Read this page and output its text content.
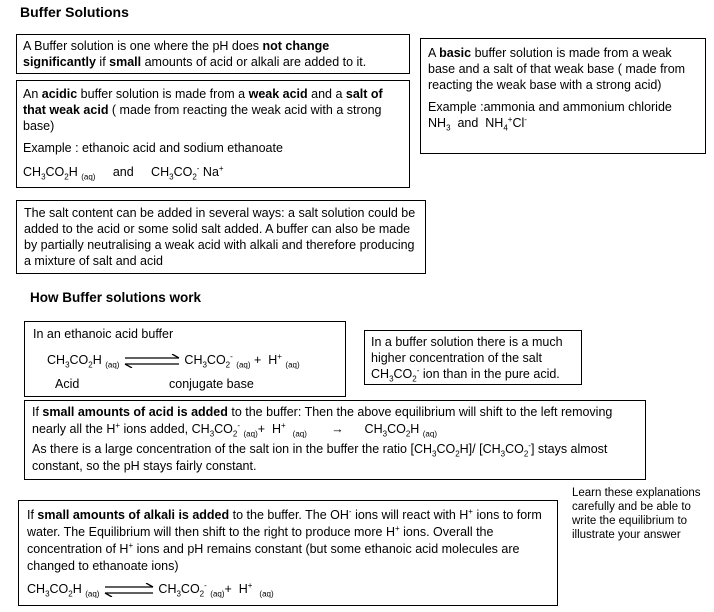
Buffer Solutions

A Buffer solution is one where the pH does not change significantly if small amounts of acid or alkali are added to it.

A basic buffer solution is made from a weak base and a salt of that weak base ( made from reacting the weak base with a strong acid)

Example :ammonia and ammonium chloride

$NH_3$ and  $NH_4^+Cl^-$

An acidic buffer solution is made from a weak acid and a salt of that weak acid ( made from reacting the weak acid with a strong base)

Example : ethanoic acid and sodium ethanoate

$CH_3CO_2H$ $_{(aq)}$ and     $CH_3CO_2^-$ Na+

The salt content can be added in several ways: a salt solution could be added to the acid or some solid salt added. A buffer can also be made by partially neutralising a weak acid with alkali and therefore producing a mixture of salt and acid

How Buffer solutions work
In an ethanoic acid buffer
$CH_3CO_2H$ $_{(aq)}$	$CH_3CO_2^-$ $_{(aq)}$ +  H+ $_{(aq)}$
Acid	conjugate base

In a buffer solution there is a much higher concentration of the salt $CH_3CO_2^-$ ion than in the pure acid.

If small amounts of acid is added to the buffer: Then the above equilibrium will shift to the left removing nearly all the H+ ions added, $CH_3CO_2^-$ $_{(aq)}$+  H+  $_{(aq)}$ →      $CH_3CO_2H$ $_{(aq)}$

As there is a large concentration of the salt ion in the buffer the ratio $[CH_3CO_2H]/$ $[CH_3CO_2^-]$ stays almost constant, so the pH stays fairly constant.

If small amounts of alkali is added to the buffer. The OH- ions will react with H+ ions to form water. The Equilibrium will then shift to the right to produce more H+ ions. Overall the concentration of H+ ions and pH remains constant (but some ethanoic acid molecules are changed to ethanoate ions)

$CH_3CO_2H$ $_{(aq)}$	$CH_3CO_2^-$ $_{(aq)}$+  H+  $_{(aq)}$
Learn these explanations carefully and be able to write the equilibrium to illustrate your answer
